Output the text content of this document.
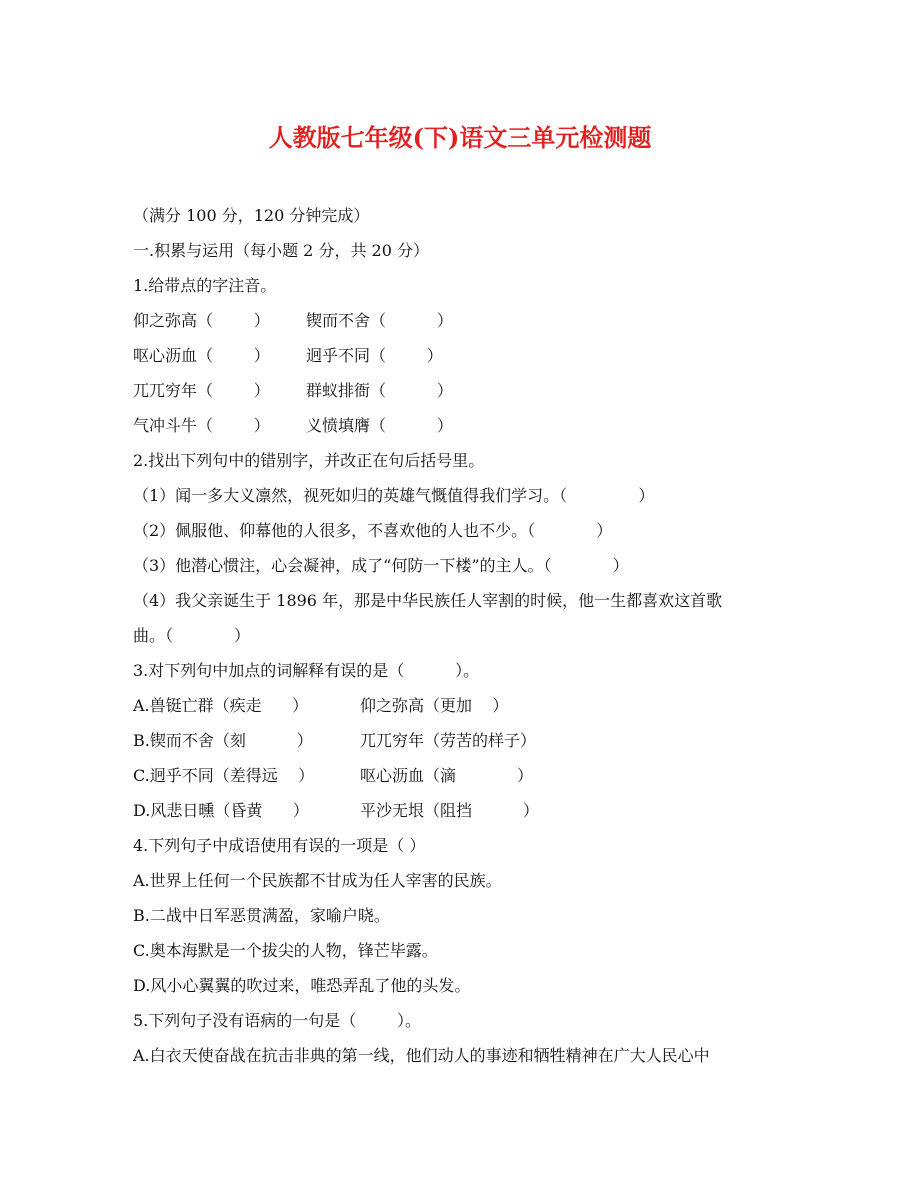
人教版七年级(下)语文三单元检测题
（满分 100 分，120 分钟完成）
一.积累与运用（每小题 2 分，共 20 分）
1.给带点的字注音。
仰之弥高（        ） 锲而不舍（          ）
呕心沥血（        ） 迥乎不同（        ）
兀兀穷年（        ） 群蚁排衙（          ）
气冲斗牛（        ） 义愤填膺（          ）
2.找出下列句中的错别字，并改正在句后括号里。
（1）闻一多大义凛然，视死如归的英雄气慨值得我们学习。（              ）
（2）佩服他、仰幕他的人很多，不喜欢他的人也不少。（            ）
（3）他潜心惯注，心会凝神，成了“何防一下楼”的主人。（            ）
（4）我父亲诞生于 1896 年，那是中华民族任人宰割的时候，他一生都喜欢这首歌
曲。（            ）
3.对下列句中加点的词解释有误的是（          ）。
A.兽铤亡群（疾走      ）	仰之弥高（更加    ）
B.锲而不舍（刻          ）	兀兀穷年（劳苦的样子）
C.迥乎不同（差得远    ）	呕心沥血（滴            ）
D.风悲日曛（昏黄      ）	平沙无垠（阻挡          ）
4.下列句子中成语使用有误的一项是（ ）
A.世界上任何一个民族都不甘成为任人宰害的民族。
B.二战中日军恶贯满盈，家喻户晓。
C.奥本海默是一个拔尖的人物，锋芒毕露。
D.风小心翼翼的吹过来，唯恐弄乱了他的头发。
5.下列句子没有语病的一句是（        ）。
A.白衣天使奋战在抗击非典的第一线，他们动人的事迹和牺牲精神在广大人民心中
